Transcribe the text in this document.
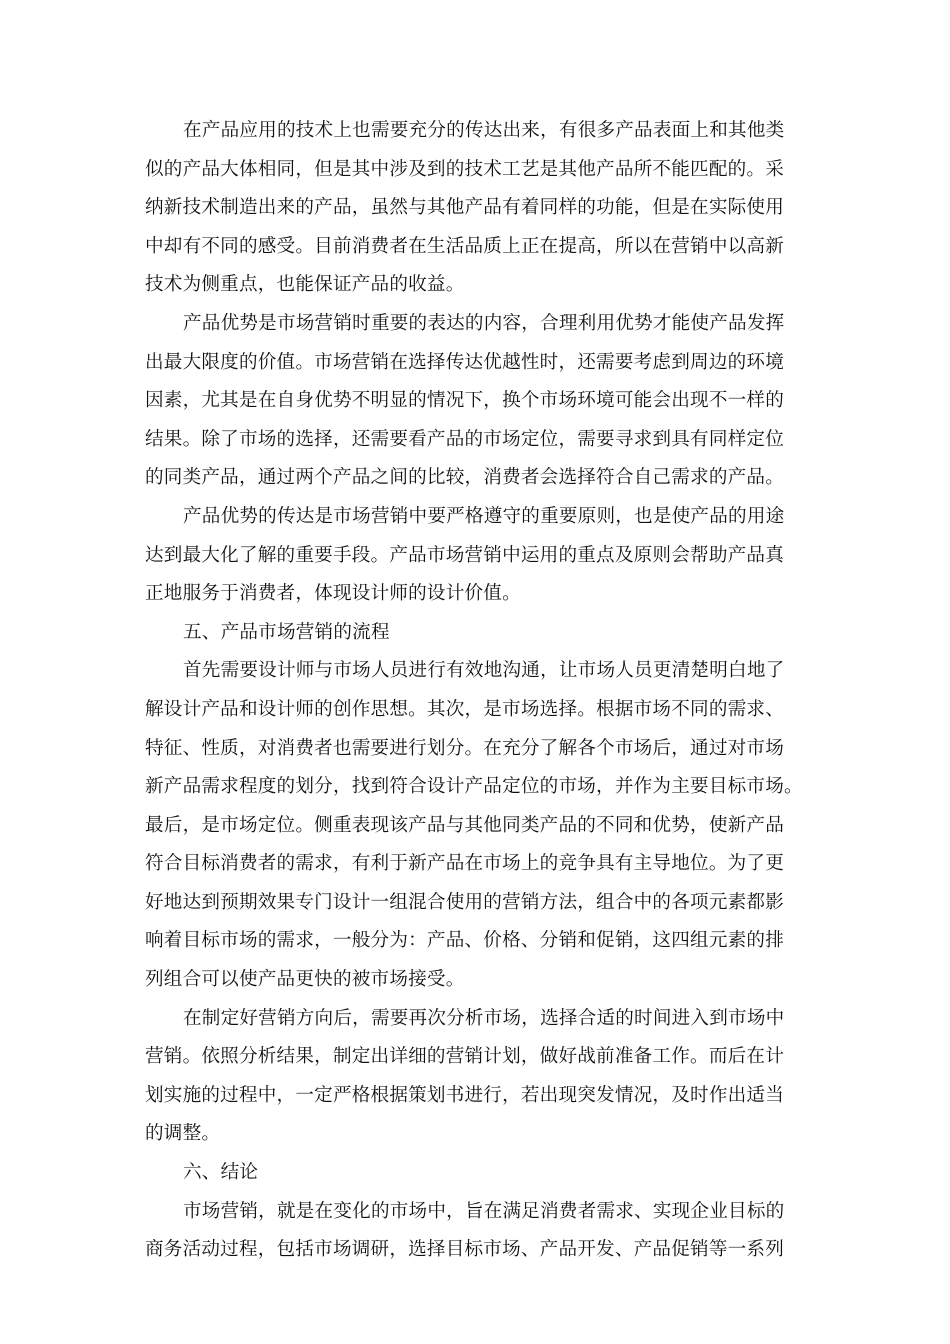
在产品应用的技术上也需要充分的传达出来，有很多产品表面上和其他类
似的产品大体相同，但是其中涉及到的技术工艺是其他产品所不能匹配的。采
纳新技术制造出来的产品，虽然与其他产品有着同样的功能，但是在实际使用
中却有不同的感受。目前消费者在生活品质上正在提高，所以在营销中以高新
技术为侧重点，也能保证产品的收益。
产品优势是市场营销时重要的表达的内容，合理利用优势才能使产品发挥
出最大限度的价值。市场营销在选择传达优越性时，还需要考虑到周边的环境
因素，尤其是在自身优势不明显的情况下，换个市场环境可能会出现不一样的
结果。除了市场的选择，还需要看产品的市场定位，需要寻求到具有同样定位
的同类产品，通过两个产品之间的比较，消费者会选择符合自己需求的产品。
产品优势的传达是市场营销中要严格遵守的重要原则，也是使产品的用途
达到最大化了解的重要手段。产品市场营销中运用的重点及原则会帮助产品真
正地服务于消费者，体现设计师的设计价值。
五、产品市场营销的流程
首先需要设计师与市场人员进行有效地沟通，让市场人员更清楚明白地了
解设计产品和设计师的创作思想。其次，是市场选择。根据市场不同的需求、
特征、性质，对消费者也需要进行划分。在充分了解各个市场后，通过对市场
新产品需求程度的划分，找到符合设计产品定位的市场，并作为主要目标市场。
最后，是市场定位。侧重表现该产品与其他同类产品的不同和优势，使新产品
符合目标消费者的需求，有利于新产品在市场上的竞争具有主导地位。为了更
好地达到预期效果专门设计一组混合使用的营销方法，组合中的各项元素都影
响着目标市场的需求，一般分为：产品、价格、分销和促销，这四组元素的排
列组合可以使产品更快的被市场接受。
在制定好营销方向后，需要再次分析市场，选择合适的时间进入到市场中
营销。依照分析结果，制定出详细的营销计划，做好战前准备工作。而后在计
划实施的过程中，一定严格根据策划书进行，若出现突发情况，及时作出适当
的调整。
六、结论
市场营销，就是在变化的市场中，旨在满足消费者需求、实现企业目标的
商务活动过程，包括市场调研，选择目标市场、产品开发、产品促销等一系列
